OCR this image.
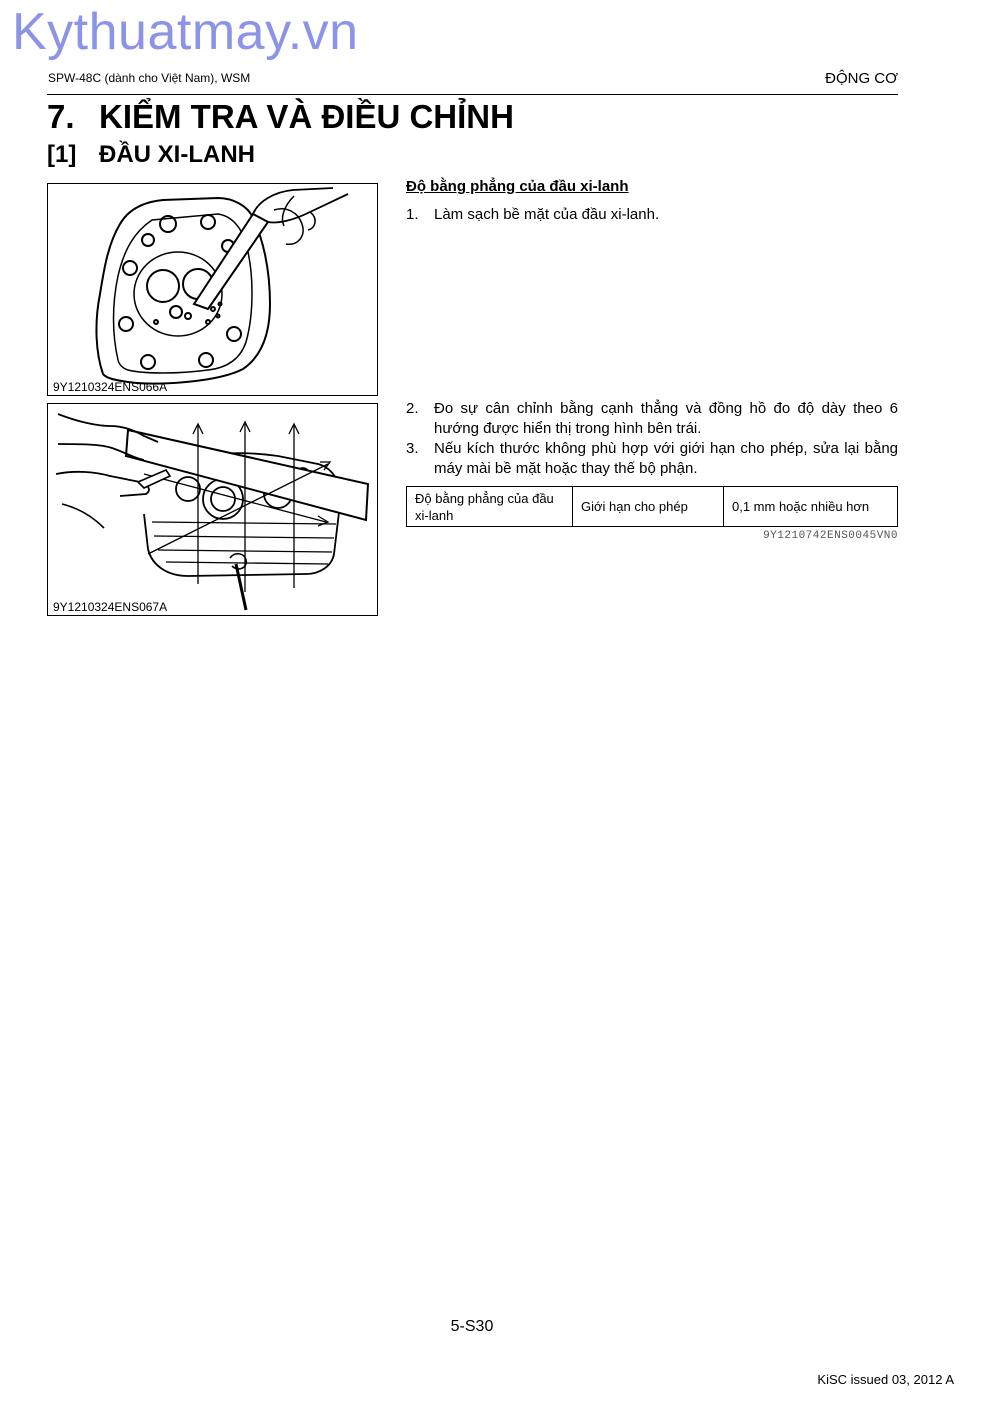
Kythuatmay.vn
SPW-48C (dành cho Việt Nam), WSM	ĐỘNG CƠ
7. KIỂM TRA VÀ ĐIỀU CHỈNH
[1] ĐẦU XI-LANH
9Y1210324ENS066A
9Y1210324ENS067A
Độ bằng phẳng của đầu xi-lanh
1. Làm sạch bề mặt của đầu xi-lanh.
2. Đo sự cân chỉnh bằng cạnh thẳng và đồng hồ đo độ dày theo 6 hướng được hiển thị trong hình bên trái.
3. Nếu kích thước không phù hợp với giới hạn cho phép, sửa lại bằng máy mài bề mặt hoặc thay thế bộ phận.
Độ bằng phẳng của đầu xi-lanh	Giới hạn cho phép	0,1 mm hoặc nhiều hơn
9Y1210742ENS0045VN0
5-S30
KiSC issued 03, 2012 A
